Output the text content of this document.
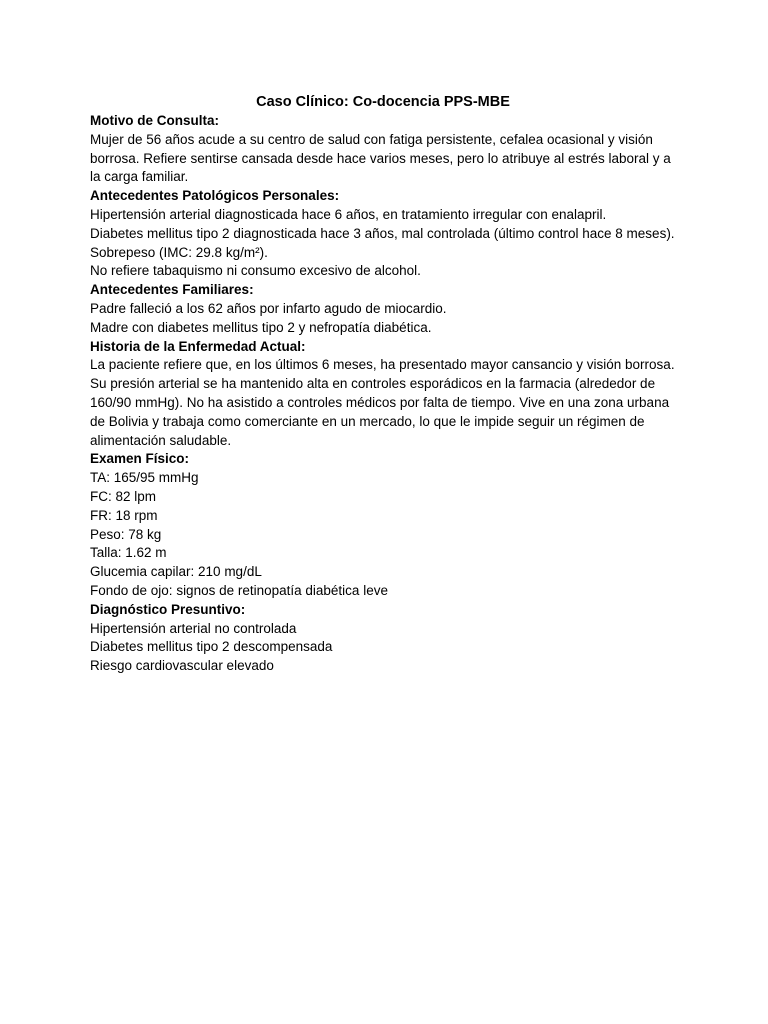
Caso Clínico: Co-docencia PPS-MBE

Motivo de Consulta:

Mujer de 56 años acude a su centro de salud con fatiga persistente, cefalea ocasional y visión borrosa. Refiere sentirse cansada desde hace varios meses, pero lo atribuye al estrés laboral y a la carga familiar.

Antecedentes Patológicos Personales:

Hipertensión arterial diagnosticada hace 6 años, en tratamiento irregular con enalapril.

Diabetes mellitus tipo 2 diagnosticada hace 3 años, mal controlada (último control hace 8 meses).

Sobrepeso (IMC: 29.8 kg/m²).

No refiere tabaquismo ni consumo excesivo de alcohol.

Antecedentes Familiares:

Padre falleció a los 62 años por infarto agudo de miocardio.

Madre con diabetes mellitus tipo 2 y nefropatía diabética.

Historia de la Enfermedad Actual:

La paciente refiere que, en los últimos 6 meses, ha presentado mayor cansancio y visión borrosa. Su presión arterial se ha mantenido alta en controles esporádicos en la farmacia (alrededor de 160/90 mmHg). No ha asistido a controles médicos por falta de tiempo. Vive en una zona urbana de Bolivia y trabaja como comerciante en un mercado, lo que le impide seguir un régimen de alimentación saludable.

Examen Físico:

TA: 165/95 mmHg

FC: 82 lpm

FR: 18 rpm

Peso: 78 kg

Talla: 1.62 m

Glucemia capilar: 210 mg/dL

Fondo de ojo: signos de retinopatía diabética leve

Diagnóstico Presuntivo:

Hipertensión arterial no controlada

Diabetes mellitus tipo 2 descompensada

Riesgo cardiovascular elevado
